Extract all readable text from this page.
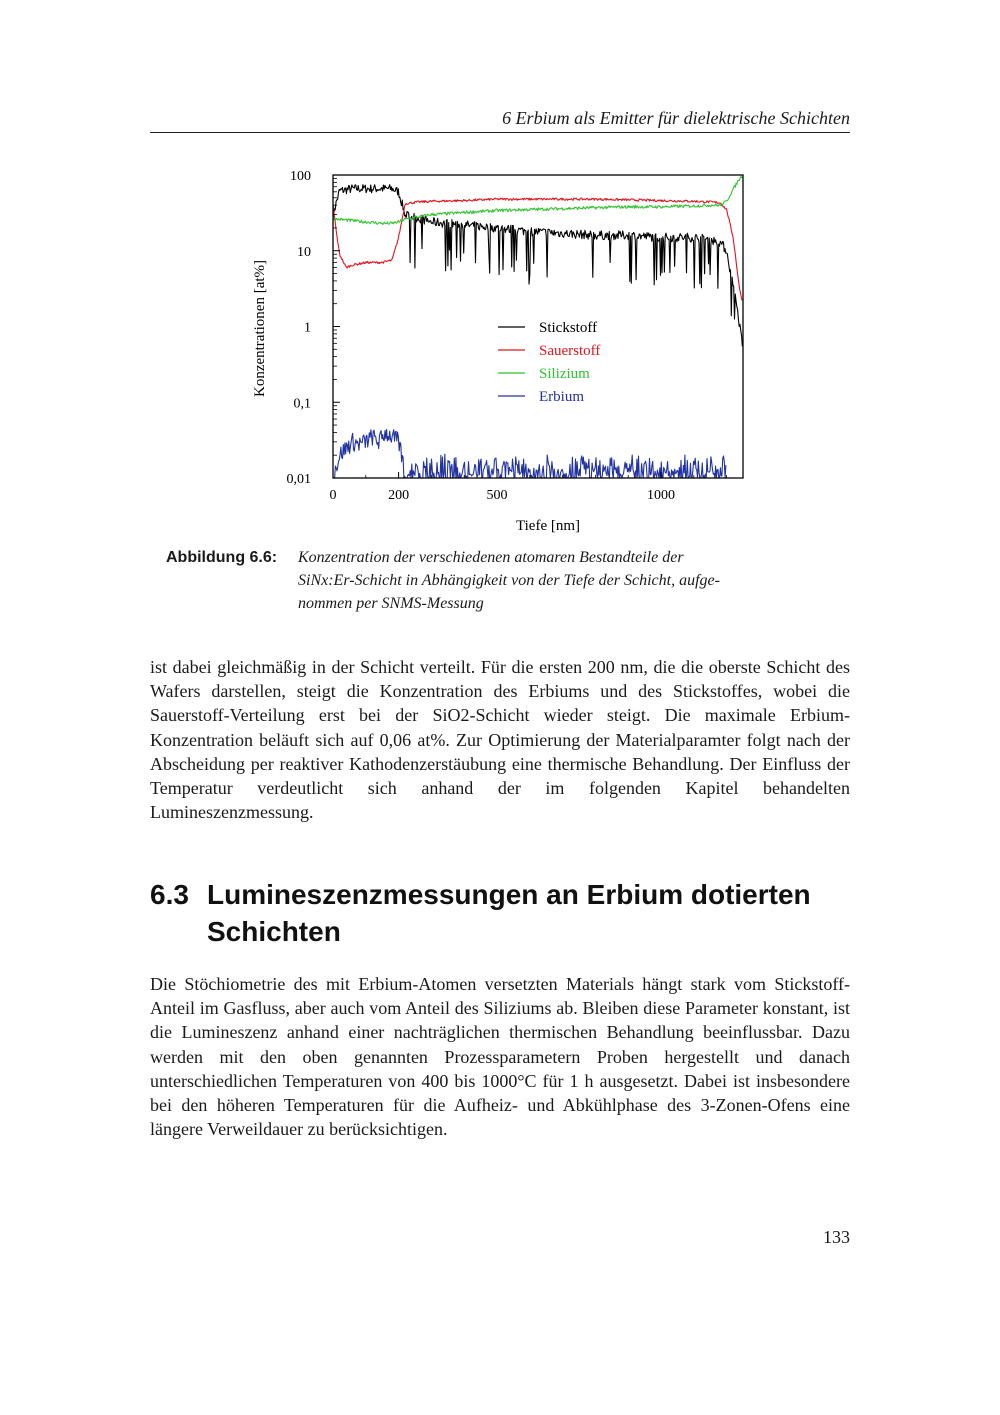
6 Erbium als Emitter für dielektrische Schichten
0,01
0,1
1
10
100
0	200	500	1000
Stickstoff
Sauerstoff
Silizium
Erbium
Tiefe [nm]
Konzentrationen [at%]
Abbildung 6.6: Konzentration der verschiedenen atomaren Bestandteile der

SiNx:Er-Schicht in Abhängigkeit von der Tiefe der Schicht, aufge-

nommen per SNMS-Messung

ist dabei gleichmäßig in der Schicht verteilt. Für die ersten 200 nm, die die oberste Schicht des Wafers darstellen, steigt die Konzentration des Erbiums und des Stickstoffes, wobei die Sauerstoff-Verteilung erst bei der SiO2-Schicht wieder steigt. Die maximale Erbium-Konzentration beläuft sich auf 0,06 at%. Zur Optimierung der Materialparamter folgt nach der Abscheidung per reaktiver Kathodenzerstäubung eine thermische Behandlung. Der Einfluss der Temperatur verdeutlicht sich anhand der im folgenden Kapitel behandelten Lumineszenzmessung.

6.3 Lumineszenzmessungen an Erbium dotierten Schichten

Die Stöchiometrie des mit Erbium-Atomen versetzten Materials hängt stark vom Stickstoff-Anteil im Gasfluss, aber auch vom Anteil des Siliziums ab. Bleiben diese Parameter konstant, ist die Lumineszenz anhand einer nachträglichen thermischen Behandlung beeinflussbar. Dazu werden mit den oben genannten Prozessparametern Proben hergestellt und danach unterschiedlichen Temperaturen von 400 bis 1000°C für 1 h ausgesetzt. Dabei ist insbesondere bei den höheren Temperaturen für die Aufheiz- und Abkühlphase des 3-Zonen-Ofens eine längere Verweildauer zu berücksichtigen.

133
